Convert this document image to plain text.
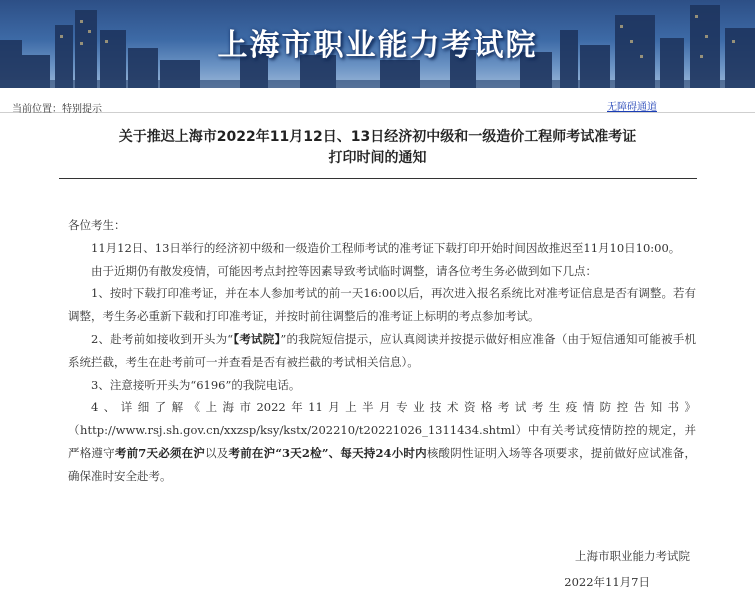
上海市职业能力考试院
当前位置：特别提示	无障碍通道
关于推迟上海市2022年11月12日、13日经济初中级和一级造价工程师考试准考证
打印时间的通知

各位考生：

11月12日、13日举行的经济初中级和一级造价工程师考试的准考证下载打印开始时间因故推迟至11月10日10:00。

由于近期仍有散发疫情，可能因考点封控等因素导致考试临时调整，请各位考生务必做到如下几点：

1、按时下载打印准考证，并在本人参加考试的前一天16:00以后，再次进入报名系统比对准考证信息是否有调整。若有调整，考生务必重新下载和打印准考证，并按时前往调整后的准考证上标明的考点参加考试。

2、赴考前如接收到开头为“【考试院】”的我院短信提示，应认真阅读并按提示做好相应准备（由于短信通知可能被手机系统拦截，考生在赴考前可一并查看是否有被拦截的考试相关信息）。

3、注意接听开头为“6196”的我院电话。

4、详细了解《上海市2022年11月上半月专业技术资格考试考生疫情防控告知书》（http://www.rsj.sh.gov.cn/xxzsp/ksy/kstx/202210/t20221026_1311434.shtml）中有关考试疫情防控的规定，并严格遵守考前7天必须在沪以及考前在沪“3天2检”、每天持24小时内核酸阴性证明入场等各项要求，提前做好应试准备，确保准时安全赴考。

上海市职业能力考试院
2022年11月7日
